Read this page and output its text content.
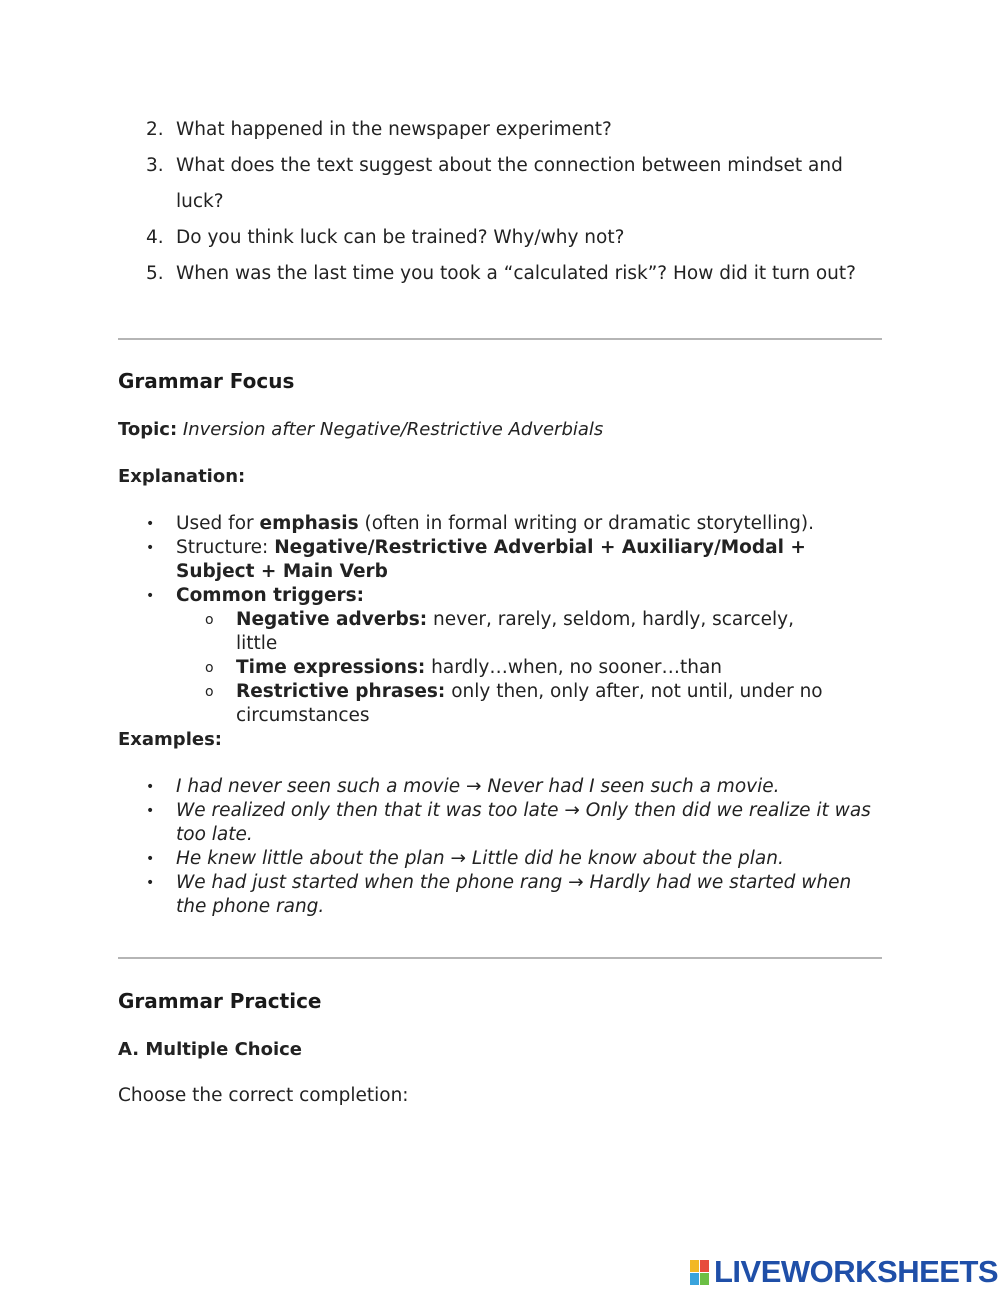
2. What happened in the newspaper experiment?
3. What does the text suggest about the connection between mindset and luck?
4. Do you think luck can be trained? Why/why not?
5. When was the last time you took a “calculated risk”? How did it turn out?
Grammar Focus
Topic: Inversion after Negative/Restrictive Adverbials
Explanation:
• Used for emphasis (often in formal writing or dramatic storytelling).
• Structure: Negative/Restrictive Adverbial + Auxiliary/Modal + Subject + Main Verb
• Common triggers:
o Negative adverbs: never, rarely, seldom, hardly, scarcely, little
o Time expressions: hardly…when, no sooner…than
o Restrictive phrases: only then, only after, not until, under no circumstances
Examples:
• I had never seen such a movie → Never had I seen such a movie.
• We realized only then that it was too late → Only then did we realize it was too late.
• He knew little about the plan → Little did he know about the plan.
• We had just started when the phone rang → Hardly had we started when the phone rang.
Grammar Practice
A. Multiple Choice
Choose the correct completion:
LIVEWORKSHEETS
